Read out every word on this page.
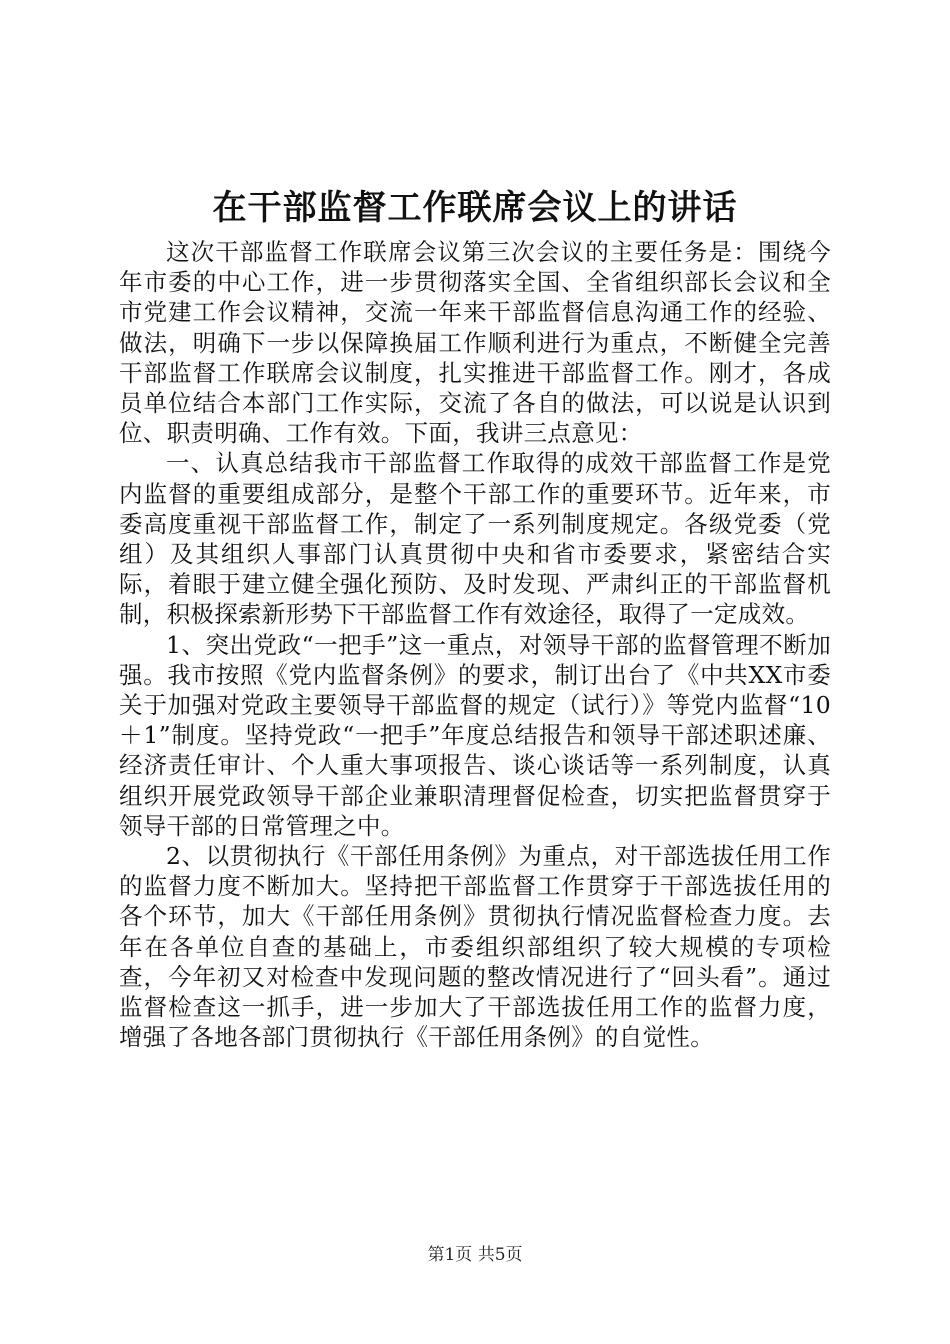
在干部监督工作联席会议上的讲话

这次干部监督工作联席会议第三次会议的主要任务是：围绕今年市委的中心工作，进一步贯彻落实全国、全省组织部长会议和全市党建工作会议精神，交流一年来干部监督信息沟通工作的经验、做法，明确下一步以保障换届工作顺利进行为重点，不断健全完善干部监督工作联席会议制度，扎实推进干部监督工作。刚才，各成员单位结合本部门工作实际，交流了各自的做法，可以说是认识到位、职责明确、工作有效。下面，我讲三点意见：

一、认真总结我市干部监督工作取得的成效干部监督工作是党内监督的重要组成部分，是整个干部工作的重要环节。近年来，市委高度重视干部监督工作，制定了一系列制度规定。各级党委（党组）及其组织人事部门认真贯彻中央和省市委要求，紧密结合实际，着眼于建立健全强化预防、及时发现、严肃纠正的干部监督机制，积极探索新形势下干部监督工作有效途径，取得了一定成效。

1、突出党政“一把手”这一重点，对领导干部的监督管理不断加强。我市按照《党内监督条例》的要求，制订出台了《中共XX市委关于加强对党政主要领导干部监督的规定（试行）》等党内监督“10＋1”制度。坚持党政“一把手”年度总结报告和领导干部述职述廉、经济责任审计、个人重大事项报告、谈心谈话等一系列制度，认真组织开展党政领导干部企业兼职清理督促检查，切实把监督贯穿于领导干部的日常管理之中。

2、以贯彻执行《干部任用条例》为重点，对干部选拔任用工作的监督力度不断加大。坚持把干部监督工作贯穿于干部选拔任用的各个环节，加大《干部任用条例》贯彻执行情况监督检查力度。去年在各单位自查的基础上，市委组织部组织了较大规模的专项检查，今年初又对检查中发现问题的整改情况进行了“回头看”。通过监督检查这一抓手，进一步加大了干部选拔任用工作的监督力度，增强了各地各部门贯彻执行《干部任用条例》的自觉性。

第1页 共5页
